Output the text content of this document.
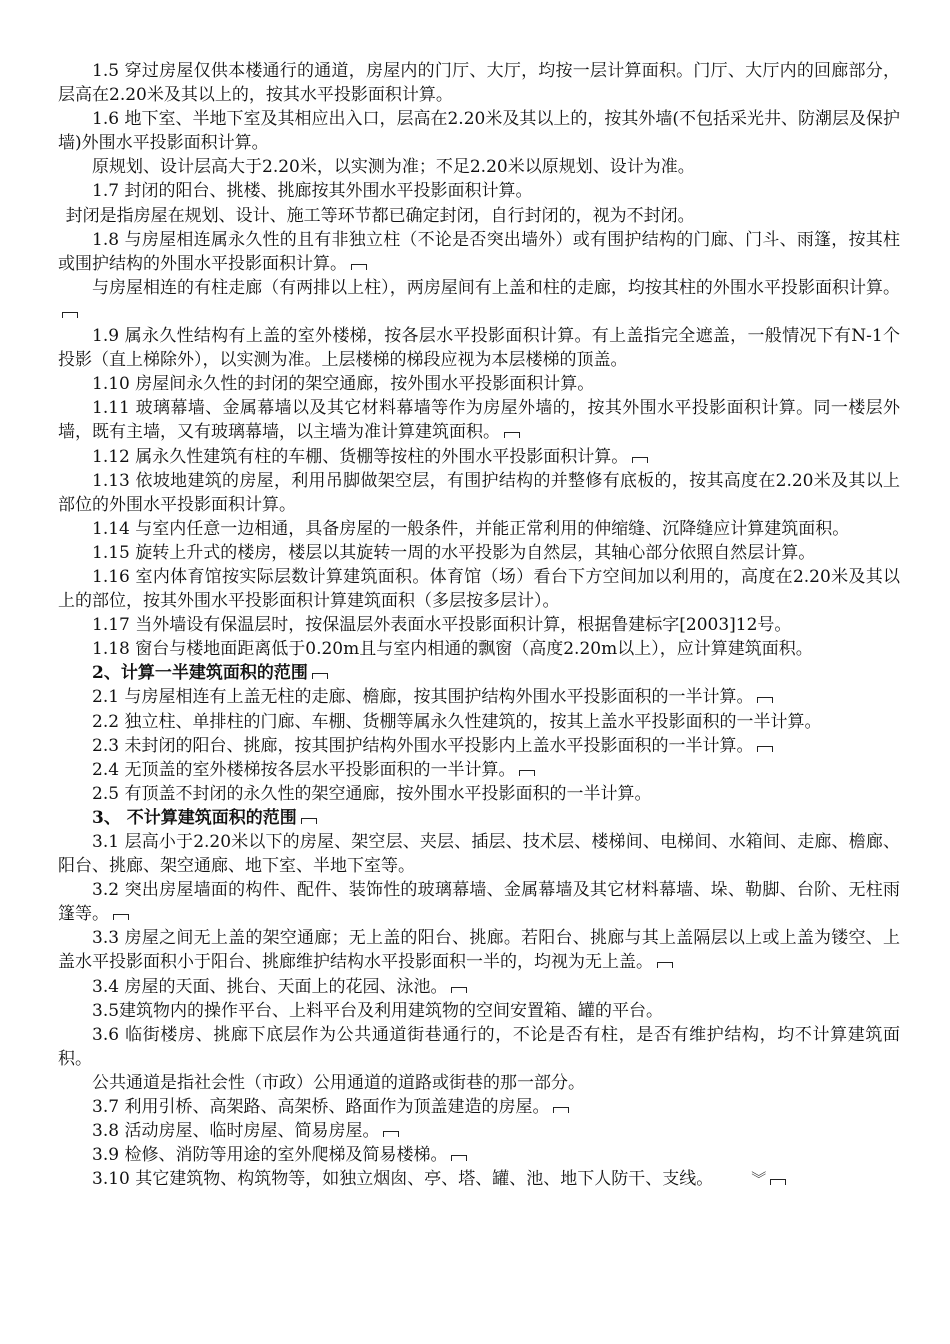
1.5 穿过房屋仅供本楼通行的通道，房屋内的门厅、大厅，均按一层计算面积。门厅、大厅内的回廊部分，层高在2.20米及其以上的，按其水平投影面积计算。

1.6 地下室、半地下室及其相应出入口，层高在2.20米及其以上的，按其外墙(不包括采光井、防潮层及保护墙)外围水平投影面积计算。

原规划、设计层高大于2.20米，以实测为准；不足2.20米以原规划、设计为准。

1.7 封闭的阳台、挑楼、挑廊按其外围水平投影面积计算。

封闭是指房屋在规划、设计、施工等环节都已确定封闭，自行封闭的，视为不封闭。

1.8 与房屋相连属永久性的且有非独立柱（不论是否突出墙外）或有围护结构的门廊、门斗、雨篷，按其柱或围护结构的外围水平投影面积计算。

与房屋相连的有柱走廊（有两排以上柱），两房屋间有上盖和柱的走廊，均按其柱的外围水平投影面积计算。

1.9 属永久性结构有上盖的室外楼梯，按各层水平投影面积计算。有上盖指完全遮盖，一般情况下有N-1个投影（直上梯除外），以实测为准。上层楼梯的梯段应视为本层楼梯的顶盖。

1.10 房屋间永久性的封闭的架空通廊，按外围水平投影面积计算。

1.11 玻璃幕墙、金属幕墙以及其它材料幕墙等作为房屋外墙的，按其外围水平投影面积计算。同一楼层外墙，既有主墙，又有玻璃幕墙，以主墙为准计算建筑面积。

1.12 属永久性建筑有柱的车棚、货棚等按柱的外围水平投影面积计算。

1.13 依坡地建筑的房屋，利用吊脚做架空层，有围护结构的并整修有底板的，按其高度在2.20米及其以上部位的外围水平投影面积计算。

1.14 与室内任意一边相通，具备房屋的一般条件，并能正常利用的伸缩缝、沉降缝应计算建筑面积。

1.15 旋转上升式的楼房，楼层以其旋转一周的水平投影为自然层，其轴心部分依照自然层计算。

1.16 室内体育馆按实际层数计算建筑面积。体育馆（场）看台下方空间加以利用的，高度在2.20米及其以上的部位，按其外围水平投影面积计算建筑面积（多层按多层计）。

1.17 当外墙设有保温层时，按保温层外表面水平投影面积计算，根据鲁建标字[2003]12号。

1.18 窗台与楼地面距离低于0.20m且与室内相通的飘窗（高度2.20m以上），应计算建筑面积。

2、计算一半建筑面积的范围

2.1 与房屋相连有上盖无柱的走廊、檐廊，按其围护结构外围水平投影面积的一半计算。

2.2 独立柱、单排柱的门廊、车棚、货棚等属永久性建筑的，按其上盖水平投影面积的一半计算。

2.3 未封闭的阳台、挑廊，按其围护结构外围水平投影内上盖水平投影面积的一半计算。

2.4 无顶盖的室外楼梯按各层水平投影面积的一半计算。

2.5 有顶盖不封闭的永久性的架空通廊，按外围水平投影面积的一半计算。

3、 不计算建筑面积的范围

3.1 层高小于2.20米以下的房屋、架空层、夹层、插层、技术层、楼梯间、电梯间、水箱间、走廊、檐廊、阳台、挑廊、架空通廊、地下室、半地下室等。

3.2 突出房屋墙面的构件、配件、装饰性的玻璃幕墙、金属幕墙及其它材料幕墙、垛、勒脚、台阶、无柱雨篷等。

3.3 房屋之间无上盖的架空通廊；无上盖的阳台、挑廊。若阳台、挑廊与其上盖隔层以上或上盖为镂空、上盖水平投影面积小于阳台、挑廊维护结构水平投影面积一半的，均视为无上盖。

3.4 房屋的天面、挑台、天面上的花园、泳池。

3.5建筑物内的操作平台、上料平台及利用建筑物的空间安置箱、罐的平台。

3.6 临街楼房、挑廊下底层作为公共通道街巷通行的，不论是否有柱，是否有维护结构，均不计算建筑面积。

公共通道是指社会性（市政）公用通道的道路或街巷的那一部分。

3.7 利用引桥、高架路、高架桥、路面作为顶盖建造的房屋。

3.8 活动房屋、临时房屋、简易房屋。

3.9 检修、消防等用途的室外爬梯及简易楼梯。

3.10 其它建筑物、构筑物等，如独立烟囱、亭、塔、罐、池、地下人防干、支线。	︾
